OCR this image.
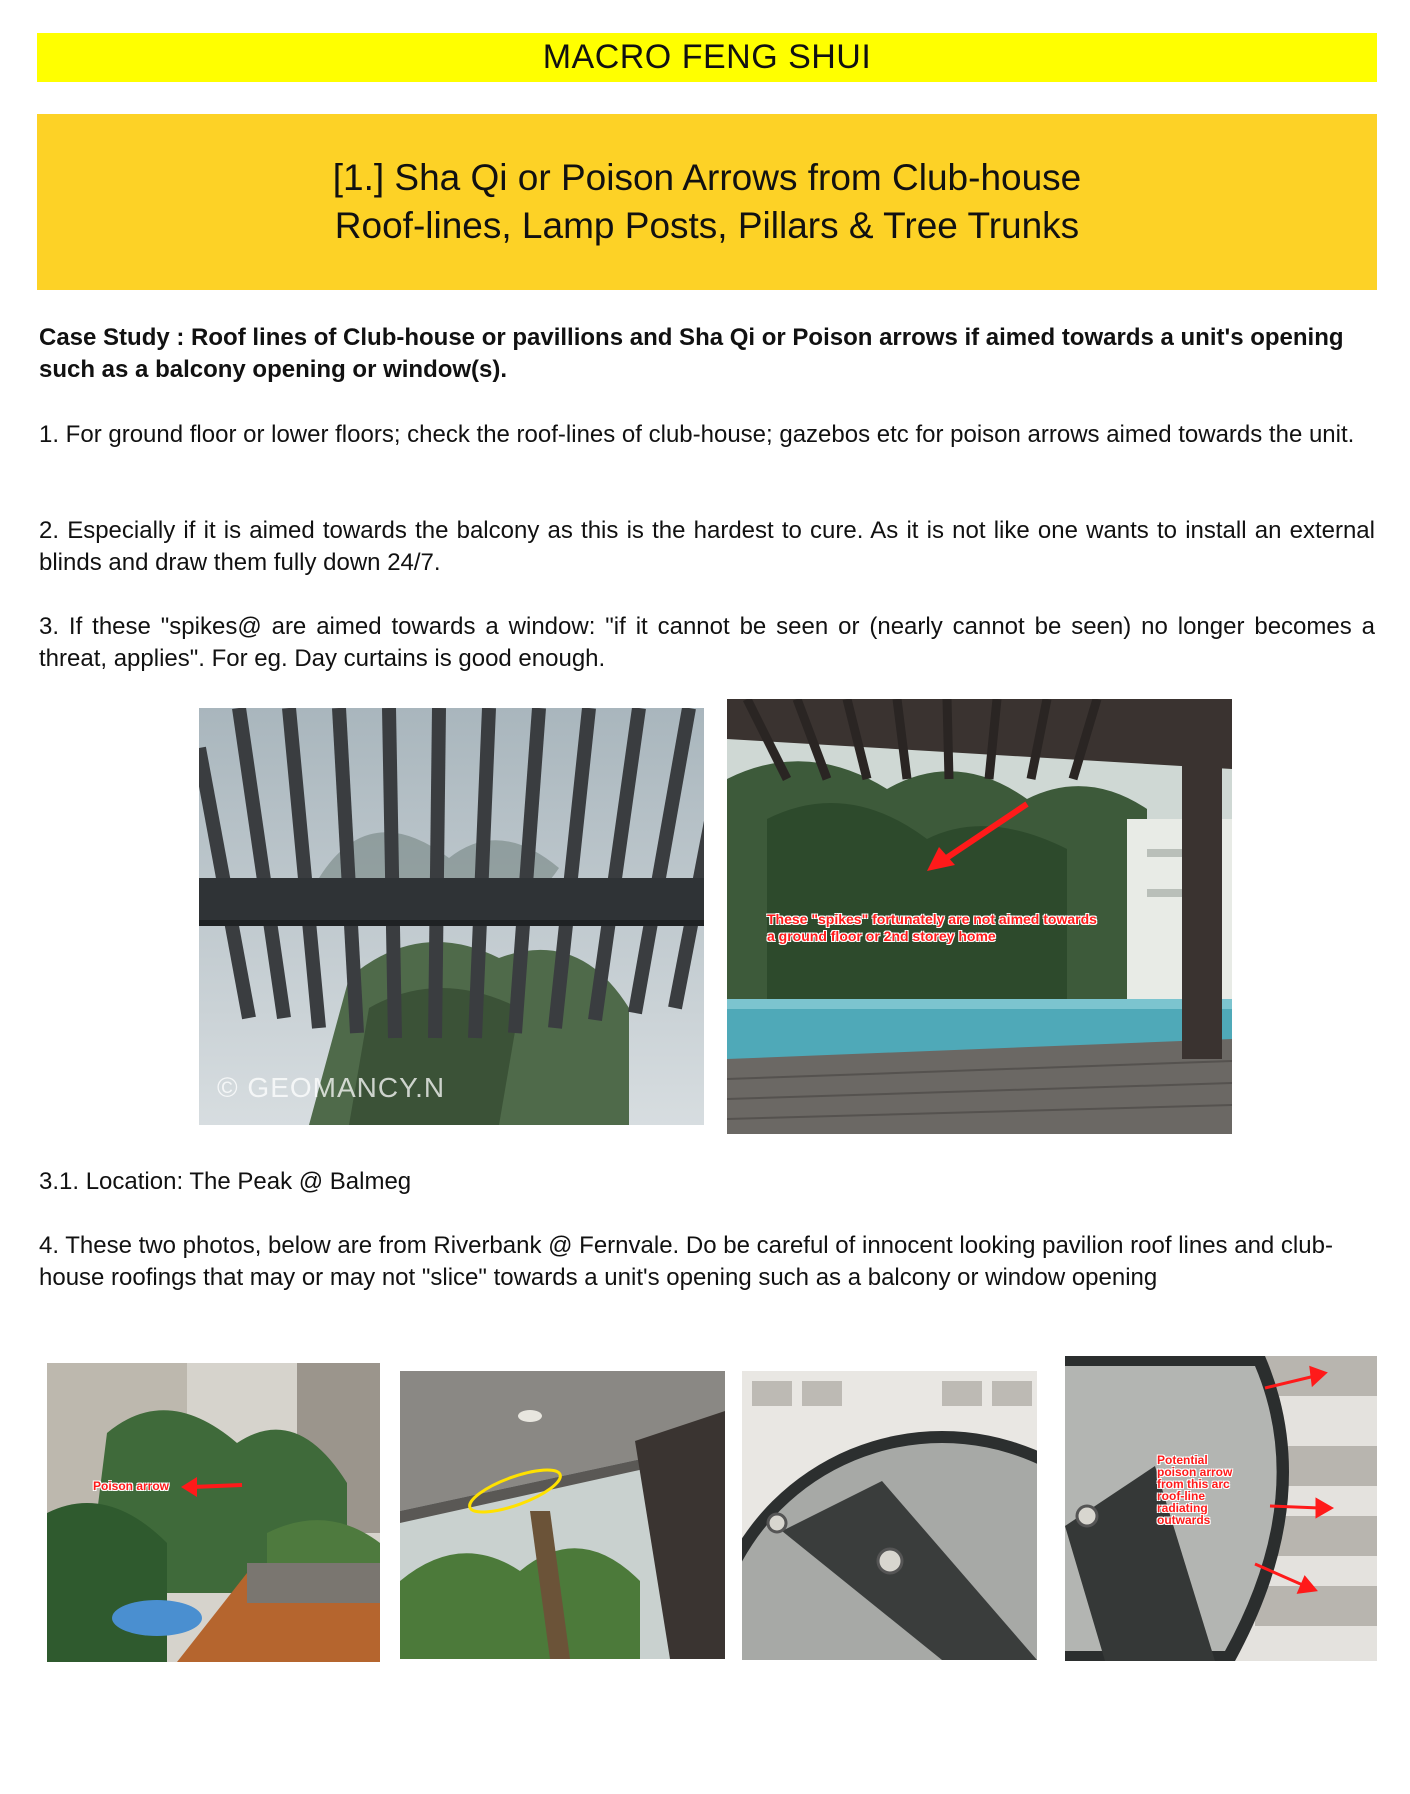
MACRO FENG SHUI
[1.] Sha Qi or Poison Arrows from Club-house
Roof-lines, Lamp Posts, Pillars & Tree Trunks
Case Study : Roof lines of Club-house or pavillions and Sha Qi or Poison arrows if aimed towards a unit's opening such as a balcony opening or window(s).
1. For ground floor or lower floors; check the roof-lines of club-house; gazebos etc for poison arrows aimed towards the unit.
2. Especially if it is aimed towards the balcony as this is the hardest to cure. As it is not like one wants to install an external blinds and draw them fully down 24/7.
3. If these "spikes@ are aimed towards a window: "if it cannot be seen or (nearly cannot be seen) no longer becomes a threat, applies". For eg. Day curtains is good enough.
© GEOMANCY.N
These "spikes" fortunately are not aimed towards
a ground floor or 2nd storey home
3.1. Location: The Peak @ Balmeg
4. These two photos, below are from Riverbank @ Fernvale. Do be careful of innocent looking pavilion roof lines and club-house roofings that may or may not "slice" towards a unit's opening such as a balcony or window opening
Poison arrow
Potential
poison arrow
from this arc
roof-line
radiating
outwards
